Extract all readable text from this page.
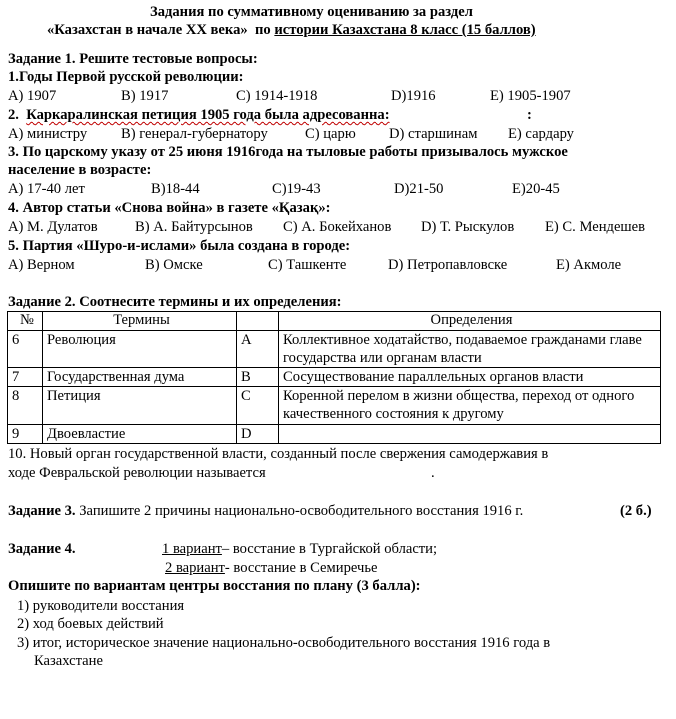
Задания по суммативному оцениванию за раздел
«Казахстан в начале XX века» по истории Казахстана 8 класс (15 баллов)
Задание 1. Решите тестовые вопросы:
1.Годы Первой русской революции:
А) 1907	В) 1917	С) 1914-1918	D)1916	E) 1905-1907
2. Каркаралинская петиция 1905 года была адресованна:	:
А) министру В) генерал-губернатору	С) царю D) старшинам E) сардару
3. По царскому указу от 25 июня 1916года на тыловые работы призывалось мужское
население в возрасте:
А) 17-40 лет	В)18-44	С)19-43	D)21-50	E)20-45
4. Автор статьи «Снова война» в газете «Қазақ»:
А) М. Дулатов	В) А. Байтурсынов С) А. Бокейханов D) Т. Рыскулов E) С. Мендешев
5. Партия «Шуро-и-ислами» была создана в городе:
А) Верном	В) Омске	С) Ташкенте	D) Петропавловске	E) Акмоле
Задание 2. Соотнесите термины и их определения:
№	Термины		Определения
6	Революция	А	Коллективное ходатайство, подаваемое гражданами главе государства или органам власти
7	Государственная дума	В	Сосуществование параллельных органов власти
8	Петиция	С	Коренной перелом в жизни общества, переход от одного качественного состояния к другому
9	Двоевластие	D	
10. Новый орган государственной власти, созданный после свержения самодержавия в
ходе Февральской революции называется	.
Задание 3. Запишите 2 причины национально-освободительного восстания 1916 г.	(2 б.)
Задание 4.	1 вариант– восстание в Тургайской области;
2 вариант- восстание в Семиречье
Опишите по вариантам центры восстания по плану (3 балла):
1) руководители восстания
2) ход боевых действий
3) итог, историческое значение национально-освободительного восстания 1916 года в
Казахстане
